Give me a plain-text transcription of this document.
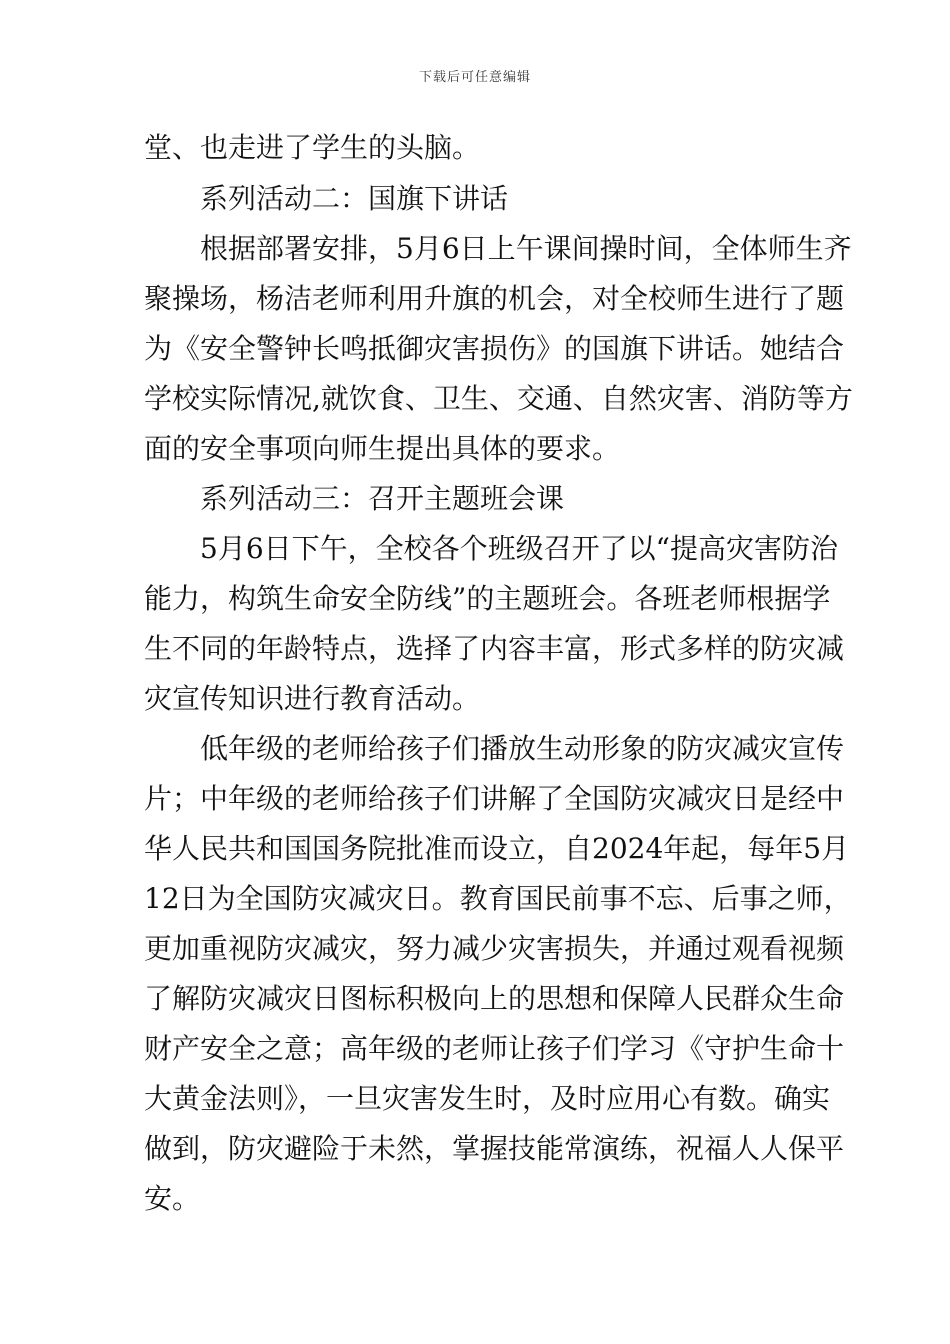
下载后可任意编辑
堂、也走进了学生的头脑。
　　系列活动二：国旗下讲话
　　根据部署安排，5月6日上午课间操时间，全体师生齐
聚操场，杨洁老师利用升旗的机会，对全校师生进行了题
为《安全警钟长鸣抵御灾害损伤》的国旗下讲话。她结合
学校实际情况,就饮食、卫生、交通、自然灾害、消防等方
面的安全事项向师生提出具体的要求。
　　系列活动三：召开主题班会课
　　5月6日下午，全校各个班级召开了以“提高灾害防治
能力，构筑生命安全防线”的主题班会。各班老师根据学
生不同的年龄特点，选择了内容丰富，形式多样的防灾减
灾宣传知识进行教育活动。
　　低年级的老师给孩子们播放生动形象的防灾减灾宣传
片；中年级的老师给孩子们讲解了全国防灾减灾日是经中
华人民共和国国务院批准而设立，自2024年起，每年5月
12日为全国防灾减灾日。教育国民前事不忘、后事之师，
更加重视防灾减灾，努力减少灾害损失，并通过观看视频
了解防灾减灾日图标积极向上的思想和保障人民群众生命
财产安全之意；高年级的老师让孩子们学习《守护生命十
大黄金法则》，一旦灾害发生时，及时应用心有数。确实
做到，防灾避险于未然，掌握技能常演练，祝福人人保平
安。
